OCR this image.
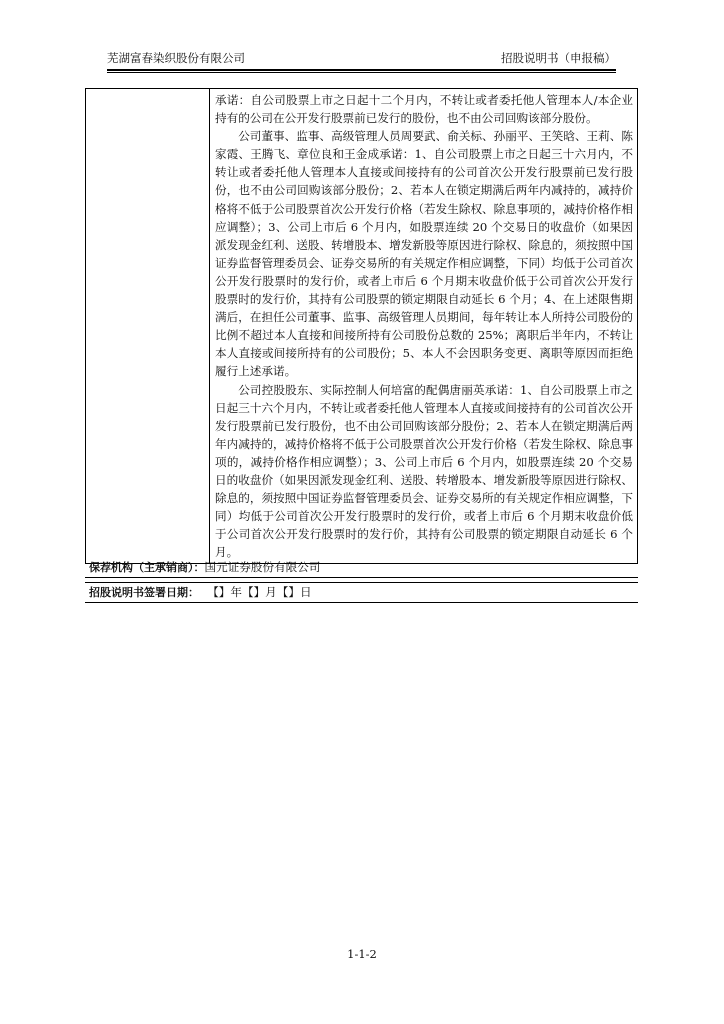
芜湖富春染织股份有限公司	招股说明书（申报稿）

承诺：自公司股票上市之日起十二个月内，不转让或者委托他人管理本人/本企业持有的公司在公开发行股票前已发行的股份，也不由公司回购该部分股份。

公司董事、监事、高级管理人员周要武、俞关标、孙丽平、王笑晗、王莉、陈家霞、王腾飞、章位良和王金成承诺：1、自公司股票上市之日起三十六月内，不转让或者委托他人管理本人直接或间接持有的公司首次公开发行股票前已发行股份，也不由公司回购该部分股份；2、若本人在锁定期满后两年内减持的，减持价格将不低于公司股票首次公开发行价格（若发生除权、除息事项的，减持价格作相应调整）；3、公司上市后 6 个月内，如股票连续 20 个交易日的收盘价（如果因派发现金红利、送股、转增股本、增发新股等原因进行除权、除息的，须按照中国证券监督管理委员会、证券交易所的有关规定作相应调整，下同）均低于公司首次公开发行股票时的发行价，或者上市后 6 个月期末收盘价低于公司首次公开发行股票时的发行价，其持有公司股票的锁定期限自动延长 6 个月；4、在上述限售期满后，在担任公司董事、监事、高级管理人员期间，每年转让本人所持公司股份的比例不超过本人直接和间接所持有公司股份总数的 25%；离职后半年内，不转让本人直接或间接所持有的公司股份；5、本人不会因职务变更、离职等原因而拒绝履行上述承诺。

公司控股股东、实际控制人何培富的配偶唐丽英承诺：1、自公司股票上市之日起三十六个月内，不转让或者委托他人管理本人直接或间接持有的公司首次公开发行股票前已发行股份，也不由公司回购该部分股份；2、若本人在锁定期满后两年内减持的，减持价格将不低于公司股票首次公开发行价格（若发生除权、除息事项的，减持价格作相应调整）；3、公司上市后 6 个月内，如股票连续 20 个交易日的收盘价（如果因派发现金红利、送股、转增股本、增发新股等原因进行除权、除息的，须按照中国证券监督管理委员会、证券交易所的有关规定作相应调整，下同）均低于公司首次公开发行股票时的发行价，或者上市后 6 个月期末收盘价低于公司首次公开发行股票时的发行价，其持有公司股票的锁定期限自动延长 6 个月。

保荐机构（主承销商）：国元证券股份有限公司
招股说明书签署日期： 【】年【】月【】日
1-1-2
